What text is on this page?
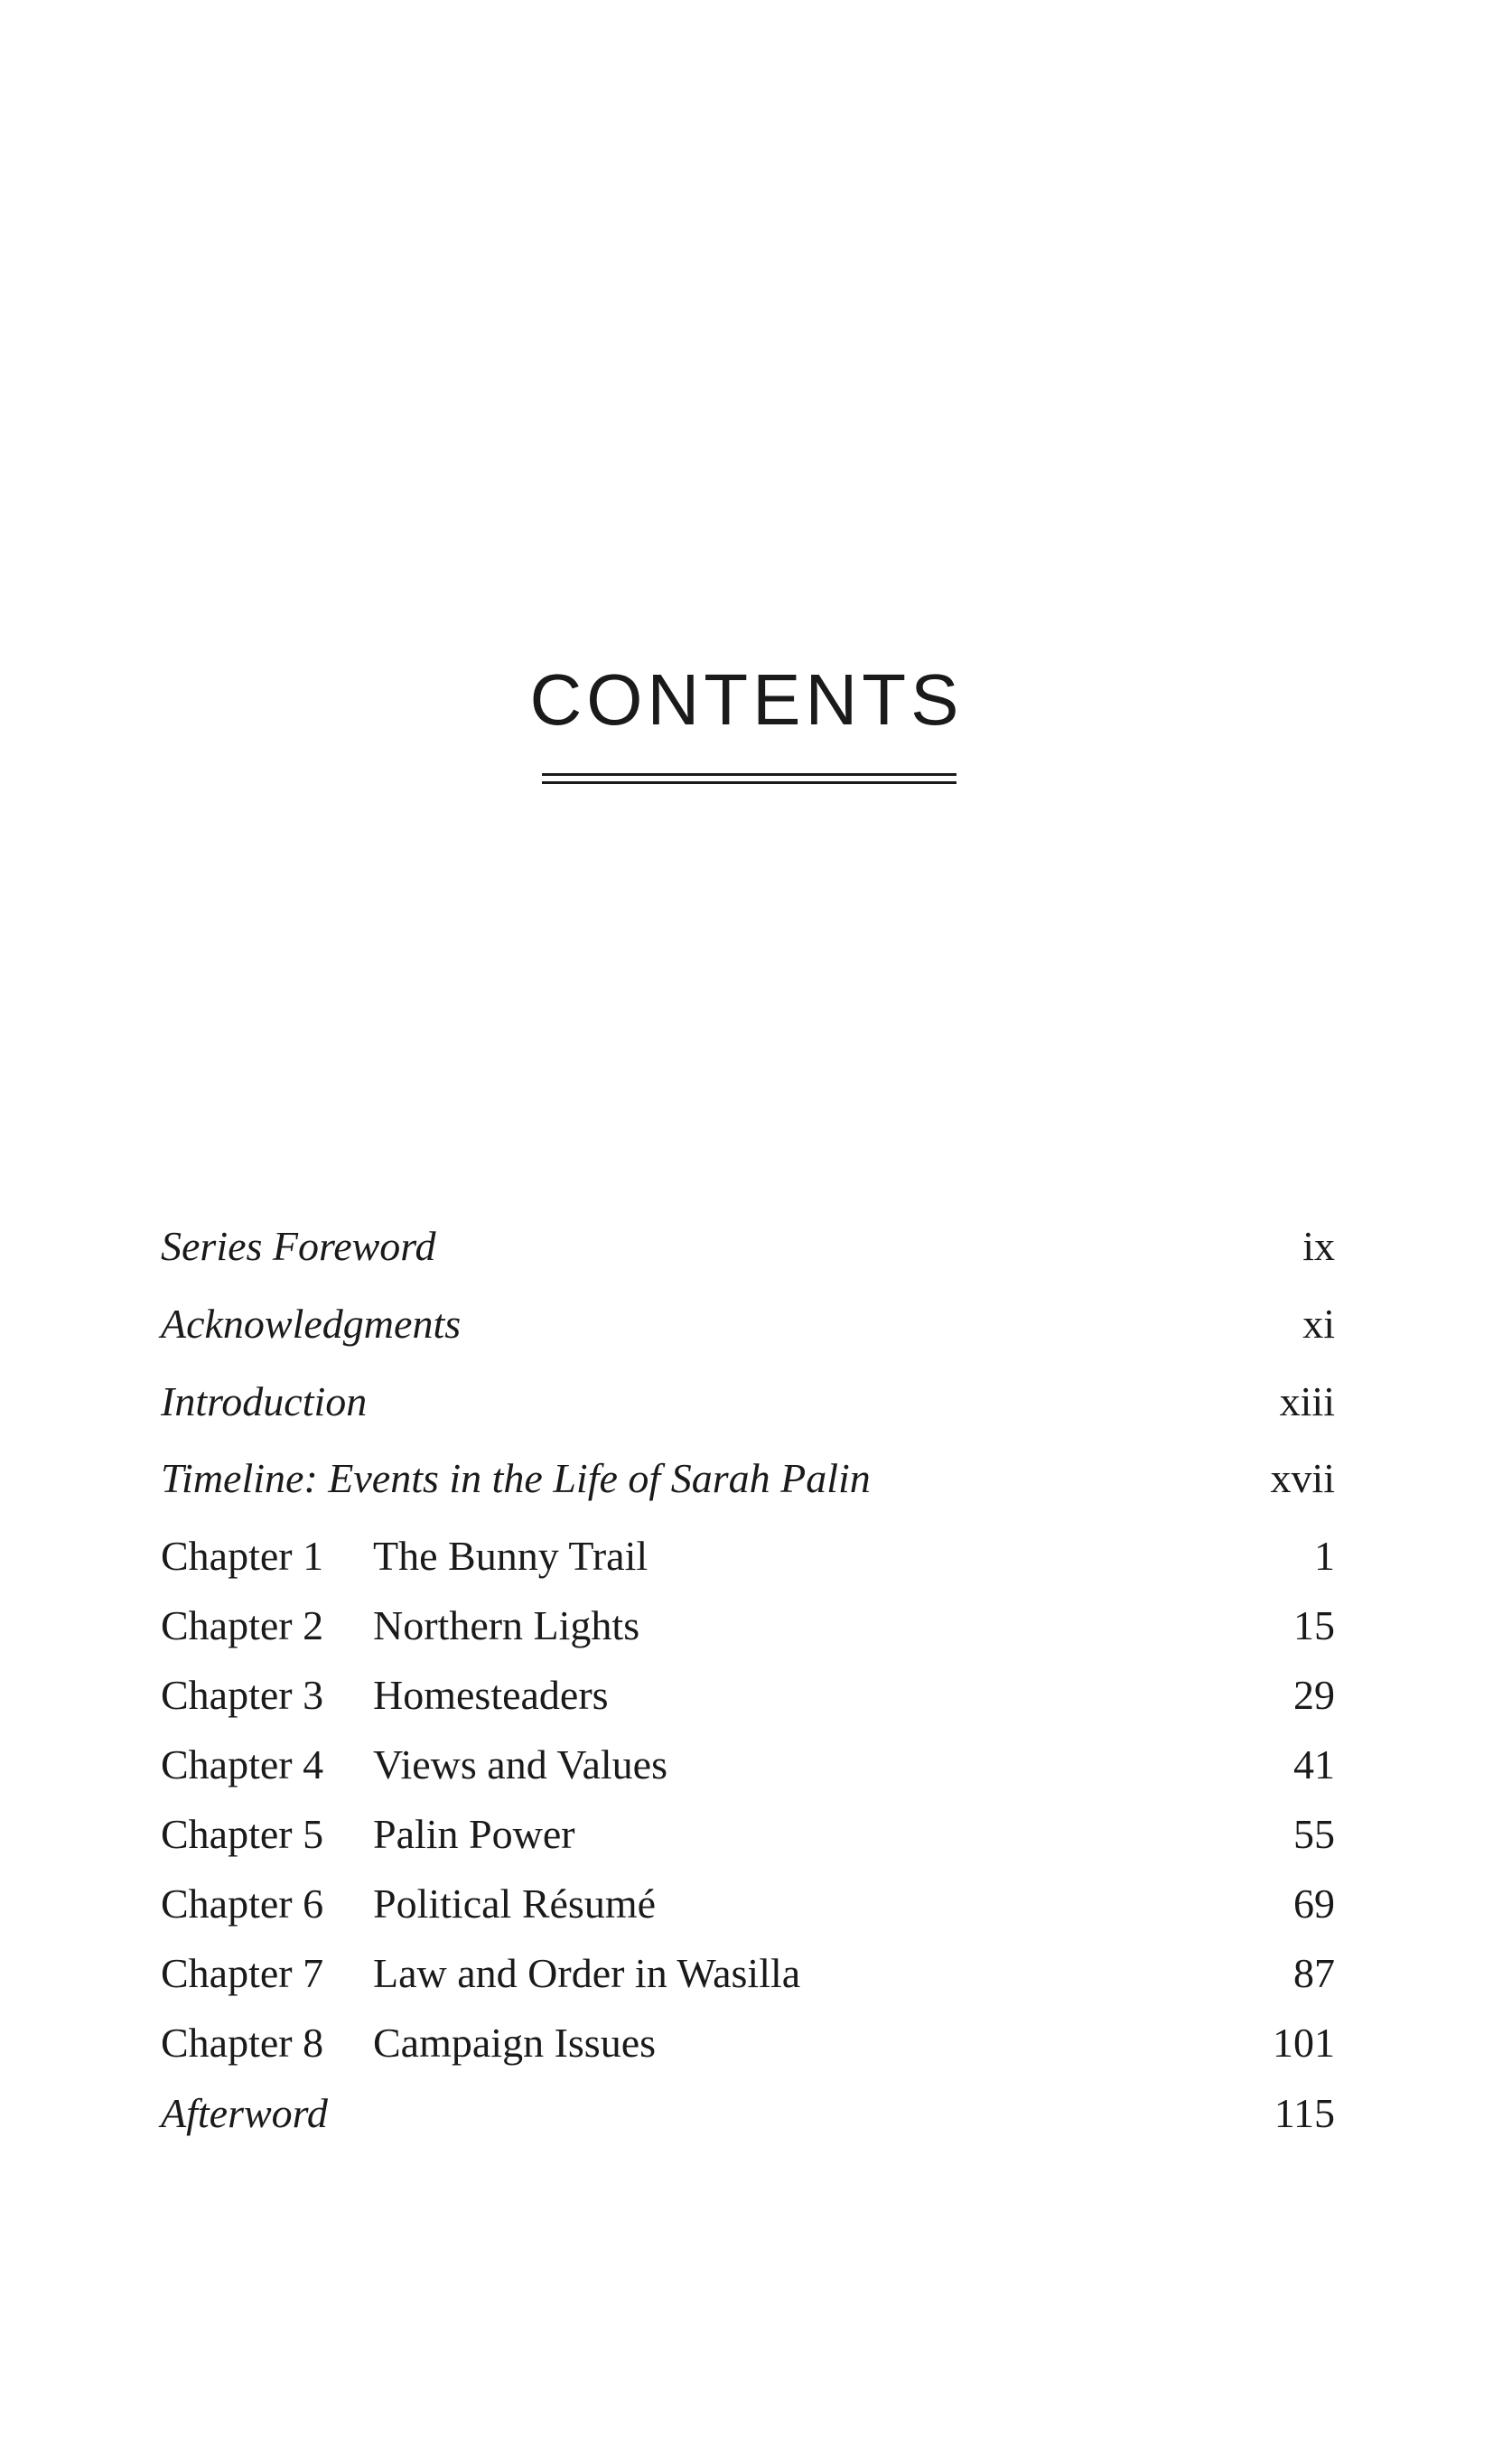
CONTENTS
Series Foreword	ix
Acknowledgments	xi
Introduction	xiii
Timeline: Events in the Life of Sarah Palin	xvii
Chapter 1 The Bunny Trail	1
Chapter 2 Northern Lights	15
Chapter 3 Homesteaders	29
Chapter 4 Views and Values	41
Chapter 5 Palin Power	55
Chapter 6 Political Résumé	69
Chapter 7 Law and Order in Wasilla	87
Chapter 8 Campaign Issues	101
Afterword	115
